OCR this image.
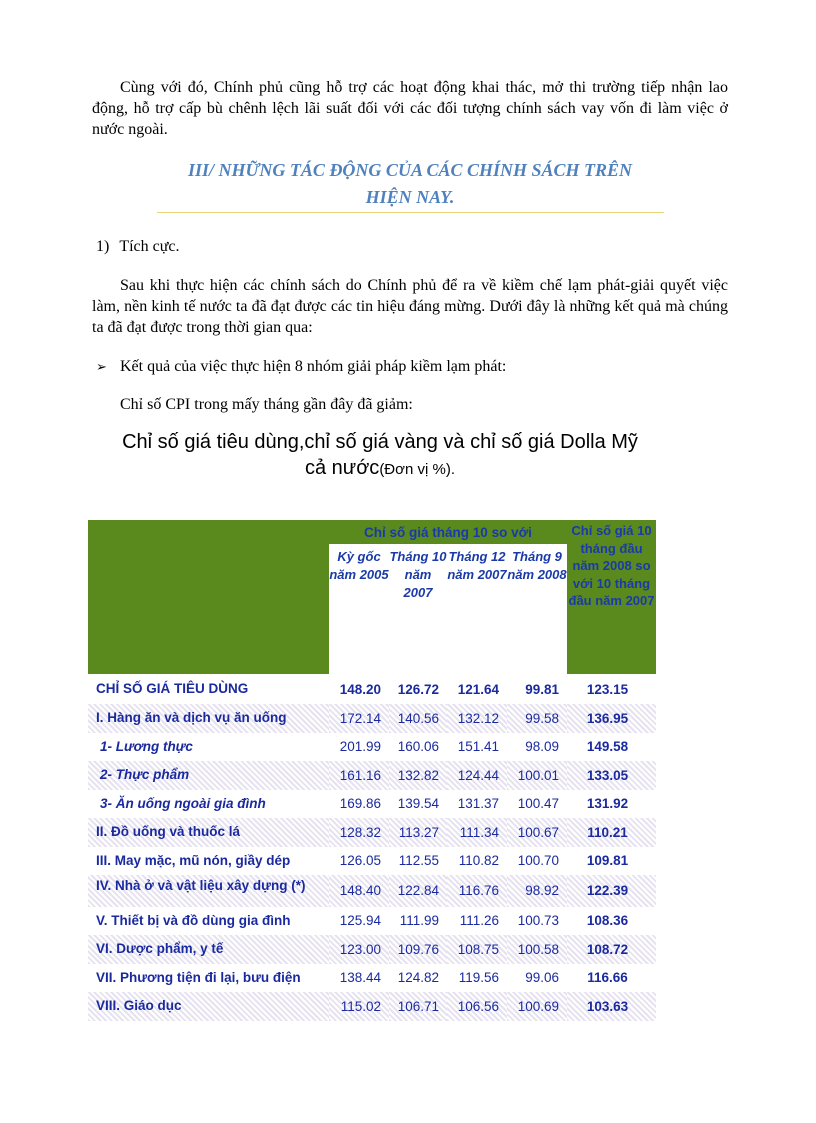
Cùng với đó, Chính phủ cũng hỗ trợ các hoạt động khai thác, mở thi trường tiếp nhận lao động, hỗ trợ cấp bù chênh lệch lãi suất đối với các đối tượng chính sách vay vốn đi làm việc ở nước ngoài.
III/ NHỮNG TÁC ĐỘNG CỦA CÁC CHÍNH SÁCH TRÊN
HIỆN NAY.
1) Tích cực.
Sau khi thực hiện các chính sách do Chính phủ để ra về kiềm chế lạm phát-giải quyết việc làm, nền kinh tế nước ta đã đạt được các tin hiệu đáng mừng. Dưới đây là những kết quả mà chúng ta đã đạt được trong thời gian qua:
➢ Kết quả của việc thực hiện 8 nhóm giải pháp kiềm lạm phát:
Chỉ số CPI trong mấy tháng gần đây đã giảm:
Chỉ số giá tiêu dùng,chỉ số giá vàng và chỉ số giá Dolla Mỹ
cả nước(Đơn vị %).
	Chỉ số giá tháng 10 so với				Chỉ số giá 10 tháng đầu năm 2008 so với 10 tháng đầu năm 2007
	Kỳ gốc năm 2005	Tháng 10 năm 2007	Tháng 12 năm 2007	Tháng 9 năm 2008	
CHỈ SỐ GIÁ TIÊU DÙNG	148.20	126.72	121.64	99.81	123.15
I. Hàng ăn và dịch vụ ăn uống	172.14	140.56	132.12	99.58	136.95
1- Lương thực	201.99	160.06	151.41	98.09	149.58
2- Thực phẩm	161.16	132.82	124.44	100.01	133.05
3- Ăn uống ngoài gia đình	169.86	139.54	131.37	100.47	131.92
II. Đồ uống và thuốc lá	128.32	113.27	111.34	100.67	110.21
III. May mặc, mũ nón, giầy dép	126.05	112.55	110.82	100.70	109.81
IV. Nhà ở và vật liệu xây dựng (*)	148.40	122.84	116.76	98.92	122.39
V. Thiết bị và đồ dùng gia đình	125.94	111.99	111.26	100.73	108.36
VI. Dược phẩm, y tế	123.00	109.76	108.75	100.58	108.72
VII. Phương tiện đi lại, bưu điện	138.44	124.82	119.56	99.06	116.66
VIII. Giáo dục	115.02	106.71	106.56	100.69	103.63
